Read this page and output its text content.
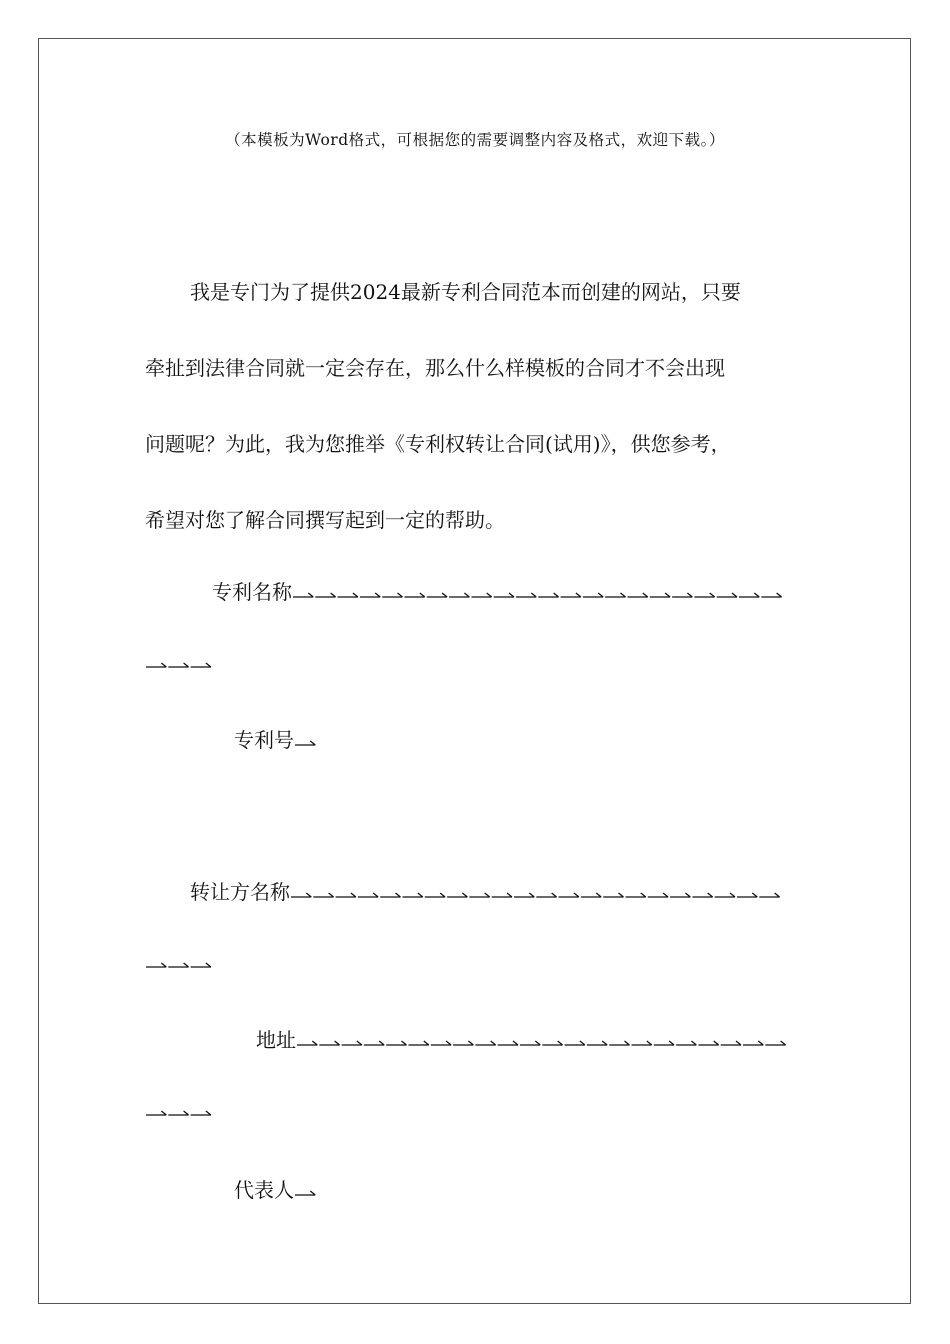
（本模板为Word格式，可根据您的需要调整内容及格式，欢迎下载。）
我是专门为了提供2024最新专利合同范本而创建的网站，只要
牵扯到法律合同就一定会存在，那么什么样模板的合同才不会出现
问题呢？为此，我为您推举《专利权转让合同(试用)》，供您参考，
希望对您了解合同撰写起到一定的帮助。
专利名称
专利号
转让方名称
地址
代表人
